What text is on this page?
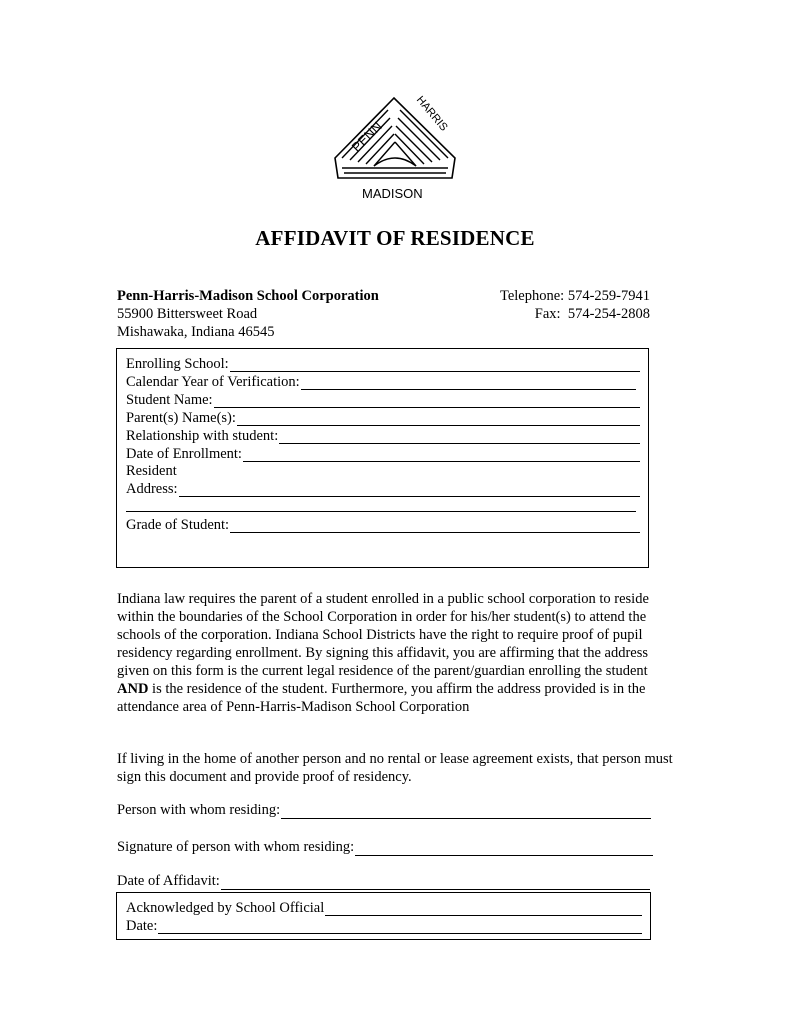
PENN
HARRIS
MADISON
AFFIDAVIT OF RESIDENCE
Penn-Harris-Madison School Corporation
55900 Bittersweet Road
Mishawaka, Indiana 46545
Telephone: 574-259-7941
Fax: 574-254-2808
Enrolling School:
Calendar Year of Verification:
Student Name:
Parent(s) Name(s):
Relationship with student:
Date of Enrollment:
Resident
Address:
Grade of Student:
Indiana law requires the parent of a student enrolled in a public school corporation to reside within the boundaries of the School Corporation in order for his/her student(s) to attend the schools of the corporation. Indiana School Districts have the right to require proof of pupil residency regarding enrollment. By signing this affidavit, you are affirming that the address given on this form is the current legal residence of the parent/guardian enrolling the student AND is the residence of the student. Furthermore, you affirm the address provided is in the attendance area of Penn-Harris-Madison School Corporation
If living in the home of another person and no rental or lease agreement exists, that person must sign this document and provide proof of residency.
Person with whom residing:
Signature of person with whom residing:
Date of Affidavit:
Acknowledged by School Official
Date:
